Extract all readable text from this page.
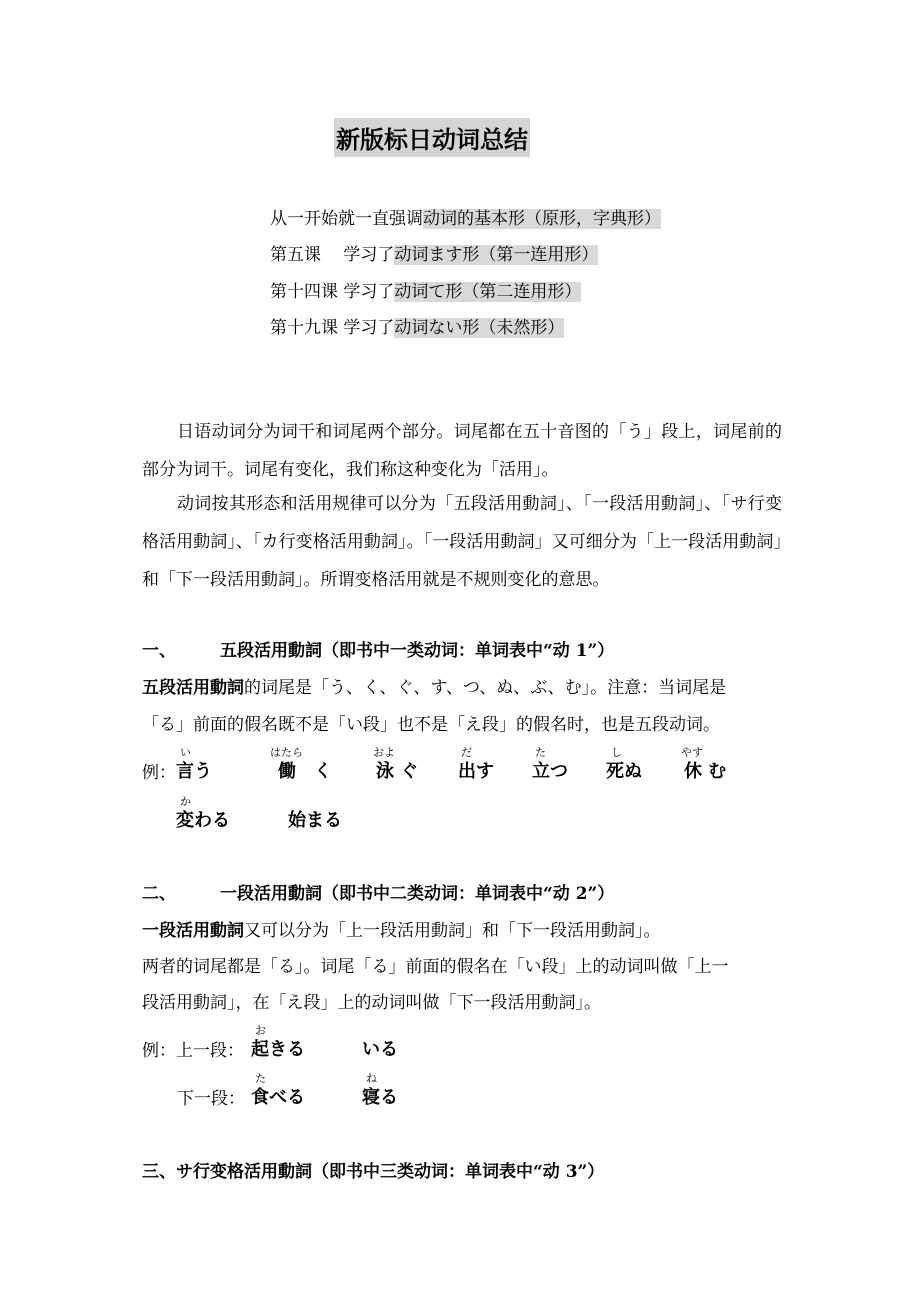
新版标日动词总结
从一开始就一直强调动词的基本形（原形，字典形）
第五课　 学习了动词ます形（第一连用形）
第十四课 学习了动词て形（第二连用形）
第十九课 学习了动词ない形（未然形）
日语动词分为词干和词尾两个部分。词尾都在五十音图的「う」段上，词尾前的部分为词干。词尾有变化，我们称这种变化为「活用」。
动词按其形态和活用规律可以分为「五段活用動詞」、「一段活用動詞」、「サ行变格活用動詞」、「カ行变格活用動詞」。「一段活用動詞」又可细分为「上一段活用動詞」和「下一段活用動詞」。所谓变格活用就是不规则变化的意思。
一、	五段活用動詞（即书中一类动词：单词表中“动 1”）
五段活用動詞的词尾是「う、く、ぐ、す、つ、ぬ、ぶ、む」。注意：当词尾是
「る」前面的假名既不是「い段」也不是「え段」的假名时，也是五段动词。
例：
い
言う
はたら
働　く
およ
泳 ぐ
だ
出す
た
立つ
し
死ぬ
やす
休 む
か
変わる	始まる
二、	一段活用動詞（即书中二类动词：单词表中“动 2”）
一段活用動詞又可以分为「上一段活用動詞」和「下一段活用動詞」。
两者的词尾都是「る」。词尾「る」前面的假名在「い段」上的动词叫做「上一
段活用動詞」，在「え段」上的动词叫做「下一段活用動詞」。
例：上一段：
お
起きる	いる
下一段：
た
食べる
ね
寝る
三、サ行变格活用動詞（即书中三类动词：单词表中“动 3”）
